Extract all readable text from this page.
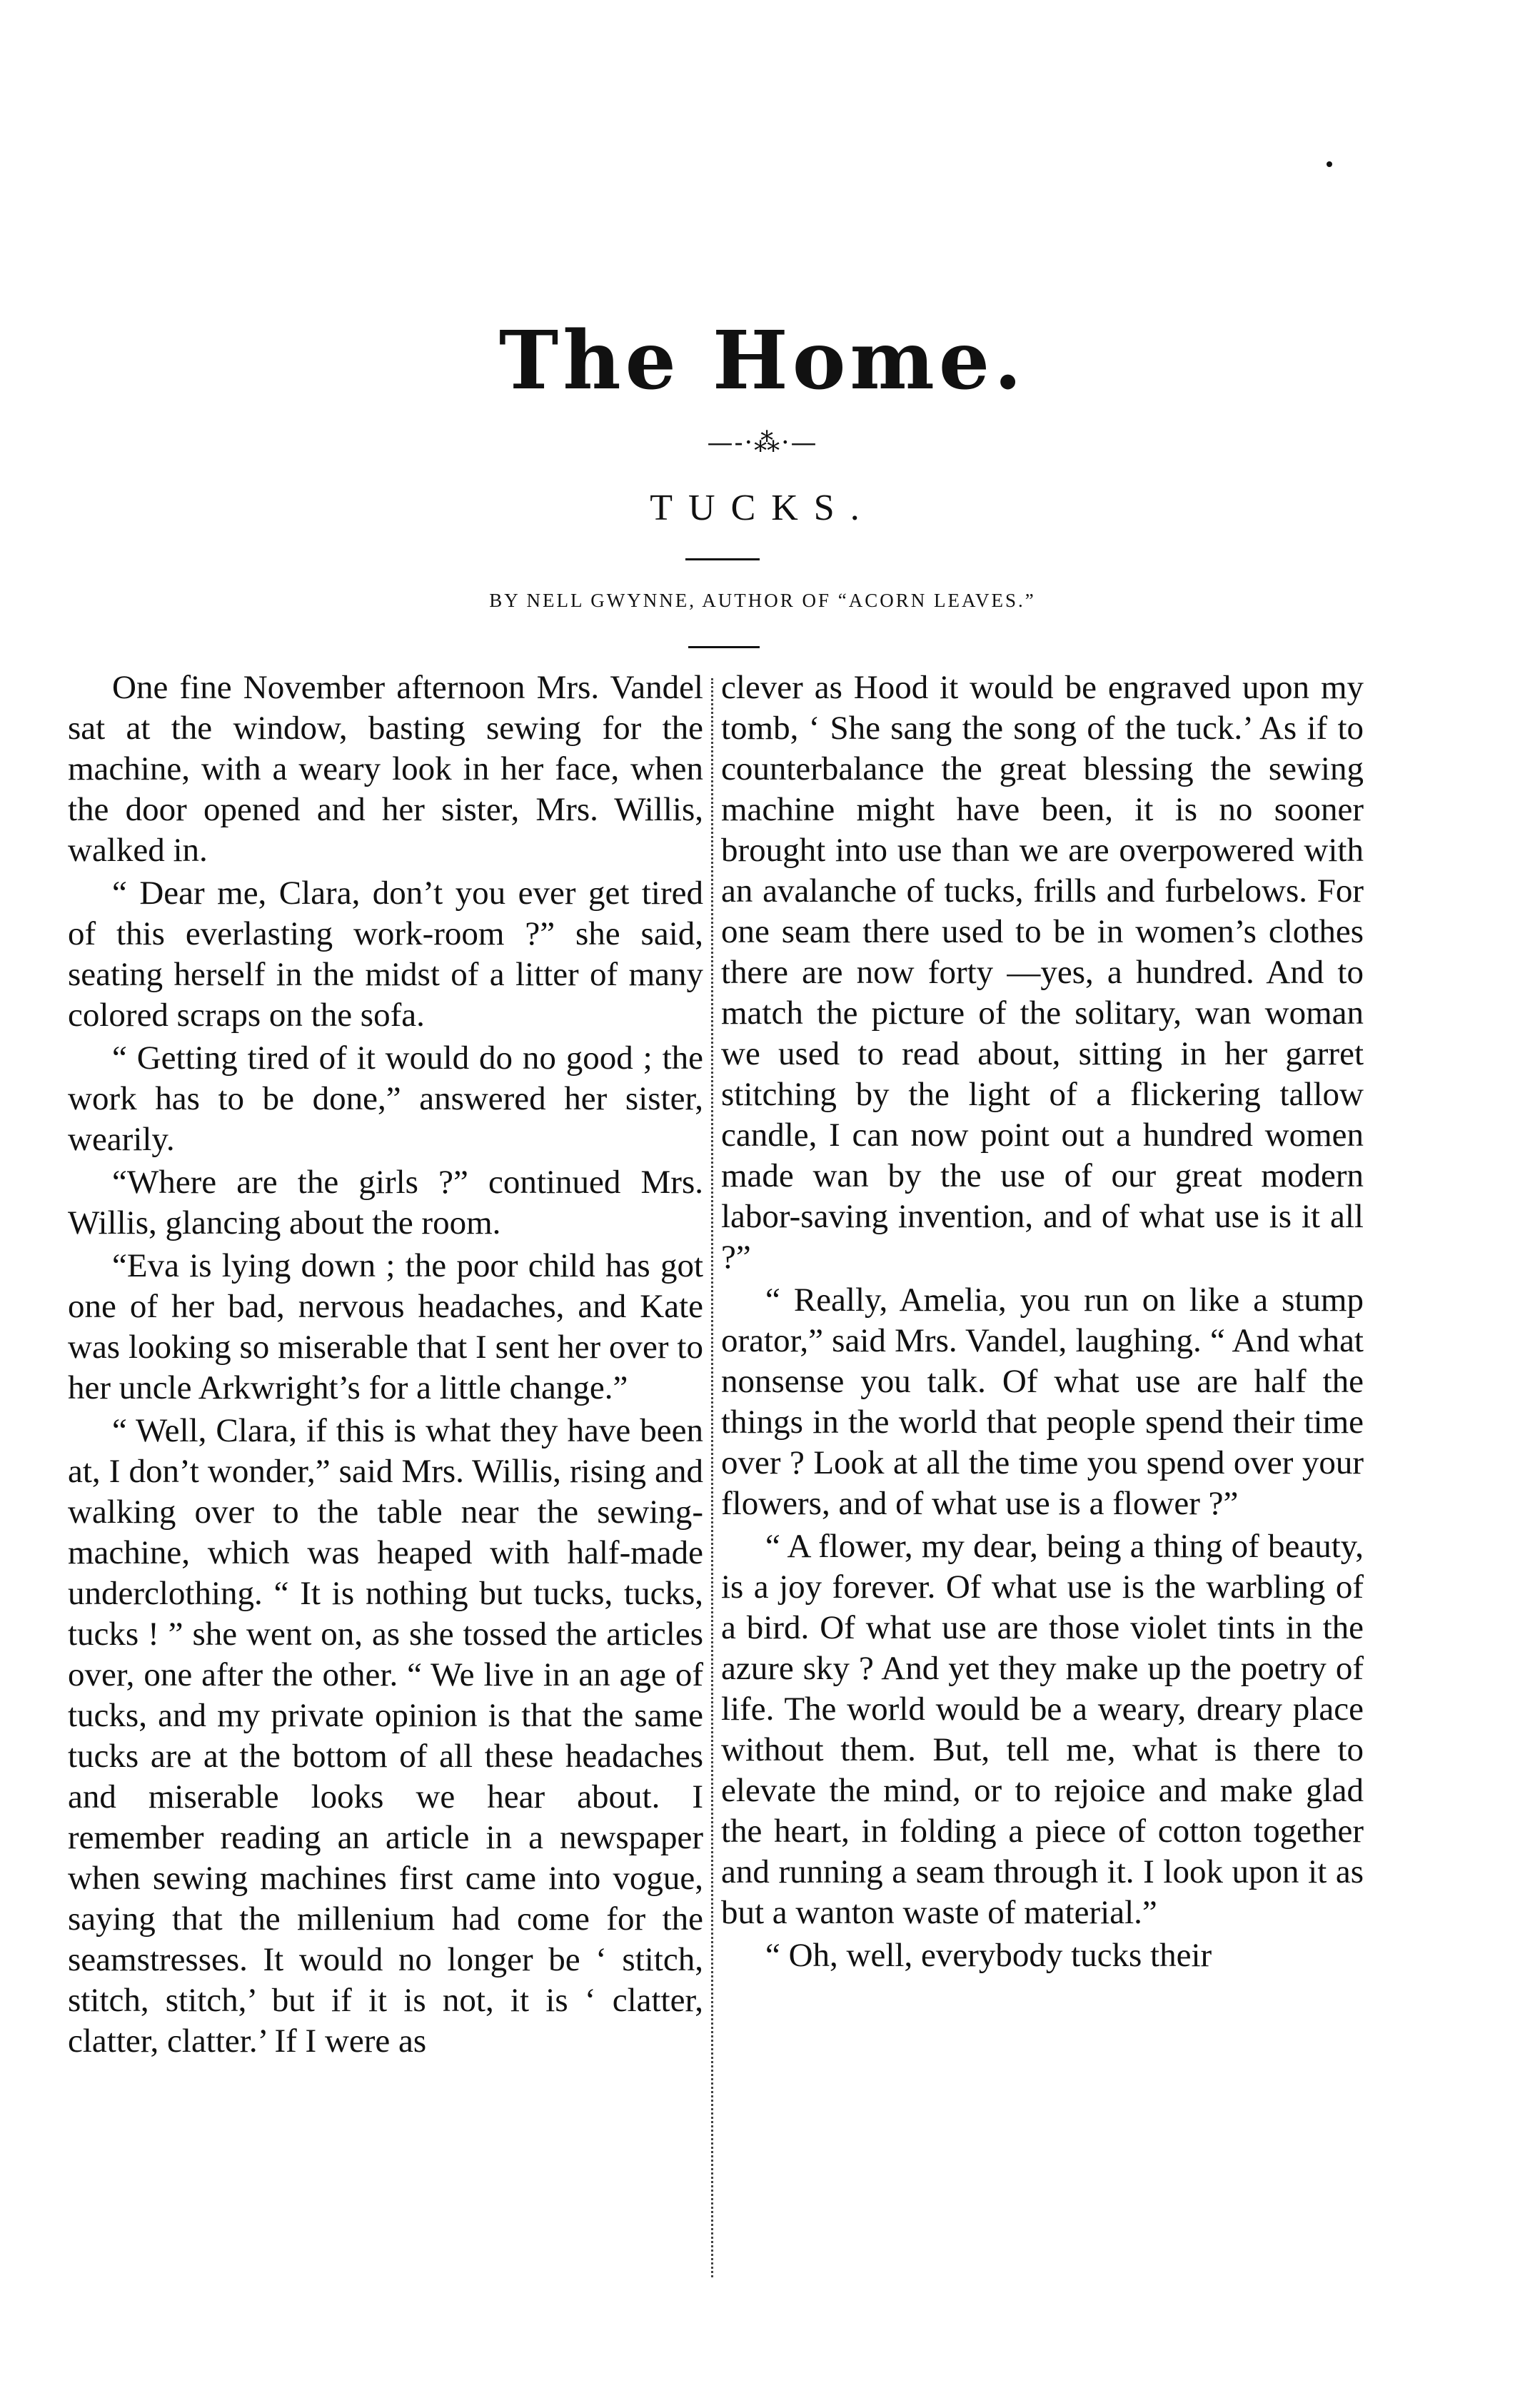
The Home.
—-·⁂·—
TUCKS.
BY NELL GWYNNE, AUTHOR OF “ACORN LEAVES.”

One fine November afternoon Mrs. Vandel sat at the window, basting sewing for the machine, with a weary look in her face, when the door opened and her sister, Mrs. Willis, walked in.

“ Dear me, Clara, don’t you ever get tired of this everlasting work-room ?” she said, seating herself in the midst of a litter of many colored scraps on the sofa.

“ Getting tired of it would do no good ; the work has to be done,” answered her sister, wearily.

“Where are the girls ?” continued Mrs. Willis, glancing about the room.

“Eva is lying down ; the poor child has got one of her bad, nervous headaches, and Kate was looking so miserable that I sent her over to her uncle Arkwright’s for a little change.”

“ Well, Clara, if this is what they have been at, I don’t wonder,” said Mrs. Willis, rising and walking over to the table near the sewing-machine, which was heaped with half-made underclothing. “ It is nothing but tucks, tucks, tucks ! ” she went on, as she tossed the articles over, one after the other. “ We live in an age of tucks, and my private opinion is that the same tucks are at the bottom of all these headaches and miserable looks we hear about. I remember reading an article in a newspaper when sewing machines first came into vogue, saying that the millenium had come for the seamstresses. It would no longer be ‘ stitch, stitch, stitch,’ but if it is not, it is ‘ clatter, clatter, clatter.’ If I were as

clever as Hood it would be engraved upon my tomb, ‘ She sang the song of the tuck.’ As if to counterbalance the great blessing the sewing machine might have been, it is no sooner brought into use than we are overpowered with an avalanche of tucks, frills and furbelows. For one seam there used to be in women’s clothes there are now forty —yes, a hundred. And to match the picture of the solitary, wan woman we used to read about, sitting in her garret stitching by the light of a flickering tallow candle, I can now point out a hundred women made wan by the use of our great modern labor-saving invention, and of what use is it all ?”

“ Really, Amelia, you run on like a stump orator,” said Mrs. Vandel, laughing. “ And what nonsense you talk. Of what use are half the things in the world that people spend their time over ? Look at all the time you spend over your flowers, and of what use is a flower ?”

“ A flower, my dear, being a thing of beauty, is a joy forever. Of what use is the warbling of a bird. Of what use are those violet tints in the azure sky ? And yet they make up the poetry of life. The world would be a weary, dreary place without them. But, tell me, what is there to elevate the mind, or to rejoice and make glad the heart, in folding a piece of cotton together and running a seam through it. I look upon it as but a wanton waste of material.”

“ Oh, well, everybody tucks their
